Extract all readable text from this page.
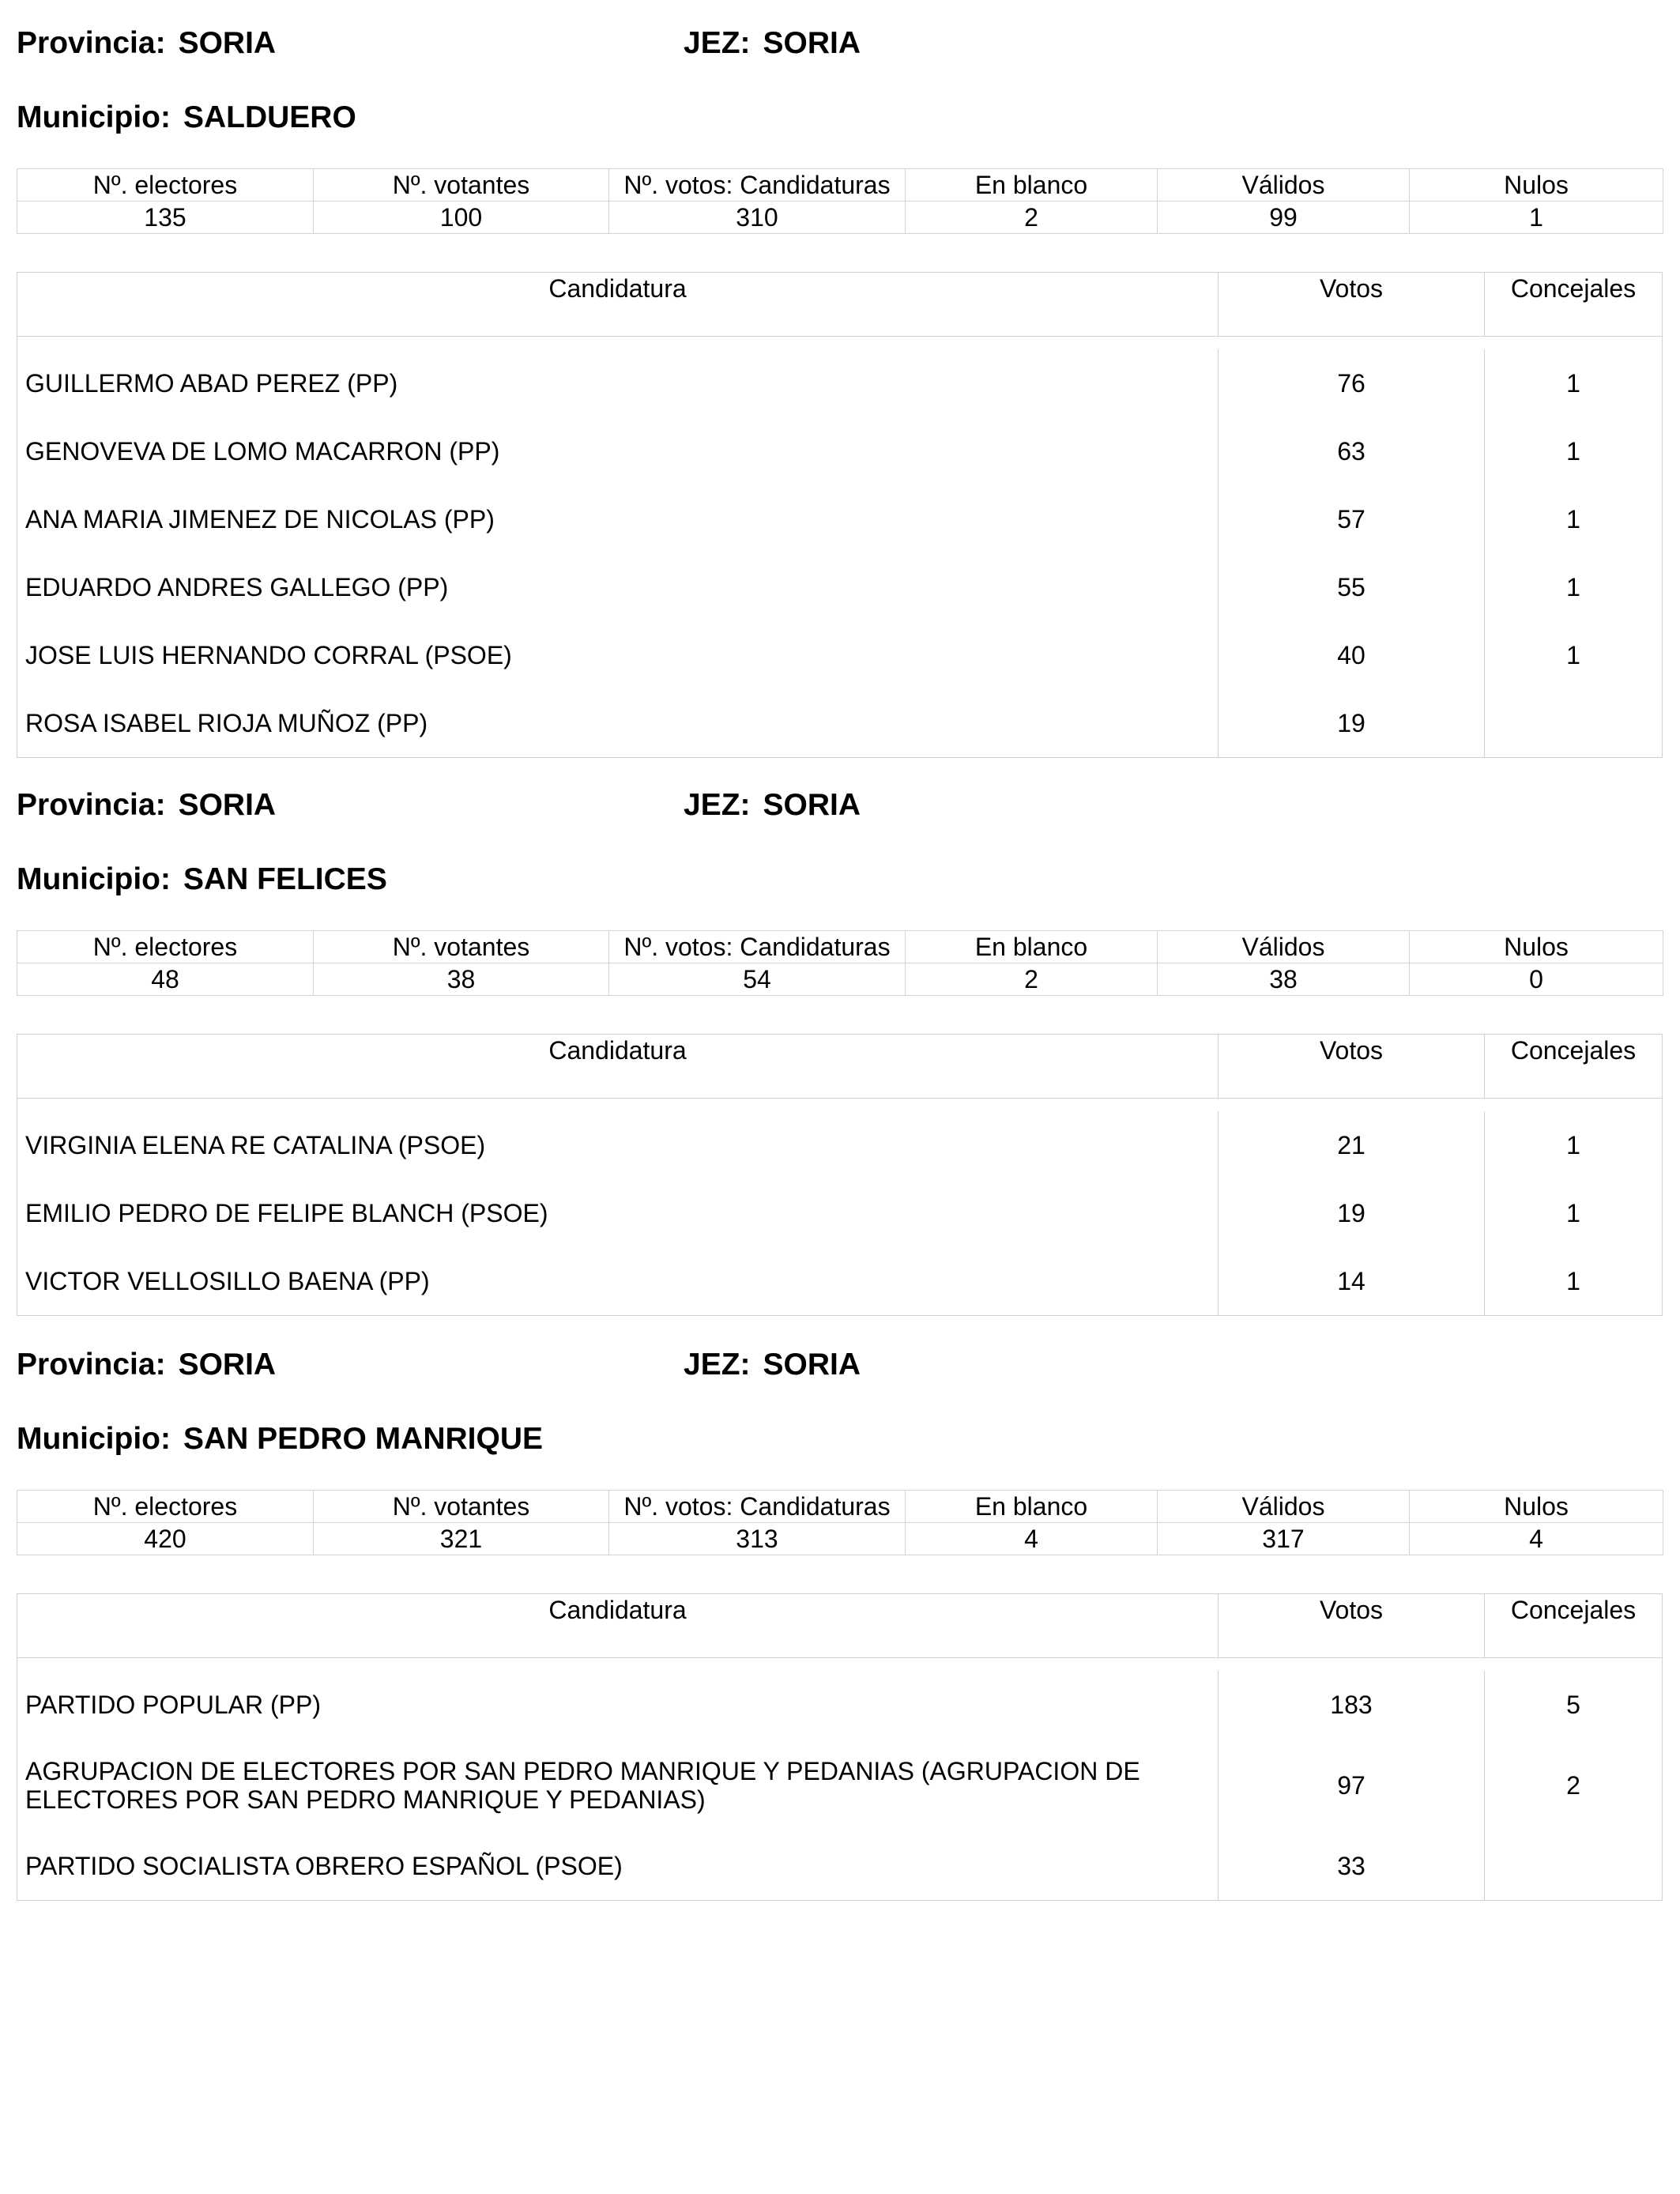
Provincia: SORIA	JEZ: SORIA
Municipio: SALDUERO
Nº. electores	Nº. votantes	Nº. votos: Candidaturas	En blanco	Válidos	Nulos
135	100	310	2	99	1
Candidatura	Votos	Concejales
GUILLERMO ABAD PEREZ (PP)	76	1
GENOVEVA DE LOMO MACARRON (PP)	63	1
ANA MARIA JIMENEZ DE NICOLAS (PP)	57	1
EDUARDO ANDRES GALLEGO (PP)	55	1
JOSE LUIS HERNANDO CORRAL (PSOE)	40	1
ROSA ISABEL RIOJA MUÑOZ (PP)	19
Provincia: SORIA	JEZ: SORIA
Municipio: SAN FELICES
Nº. electores	Nº. votantes	Nº. votos: Candidaturas	En blanco	Válidos	Nulos
48	38	54	2	38	0
Candidatura	Votos	Concejales
VIRGINIA ELENA RE CATALINA (PSOE)	21	1
EMILIO PEDRO DE FELIPE BLANCH (PSOE)	19	1
VICTOR VELLOSILLO BAENA (PP)	14	1
Provincia: SORIA	JEZ: SORIA
Municipio: SAN PEDRO MANRIQUE
Nº. electores	Nº. votantes	Nº. votos: Candidaturas	En blanco	Válidos	Nulos
420	321	313	4	317	4
Candidatura	Votos	Concejales
PARTIDO POPULAR (PP)	183	5
AGRUPACION DE ELECTORES POR SAN PEDRO MANRIQUE Y PEDANIAS (AGRUPACION DE ELECTORES POR SAN PEDRO MANRIQUE Y PEDANIAS)	97	2
PARTIDO SOCIALISTA OBRERO ESPAÑOL (PSOE)	33
